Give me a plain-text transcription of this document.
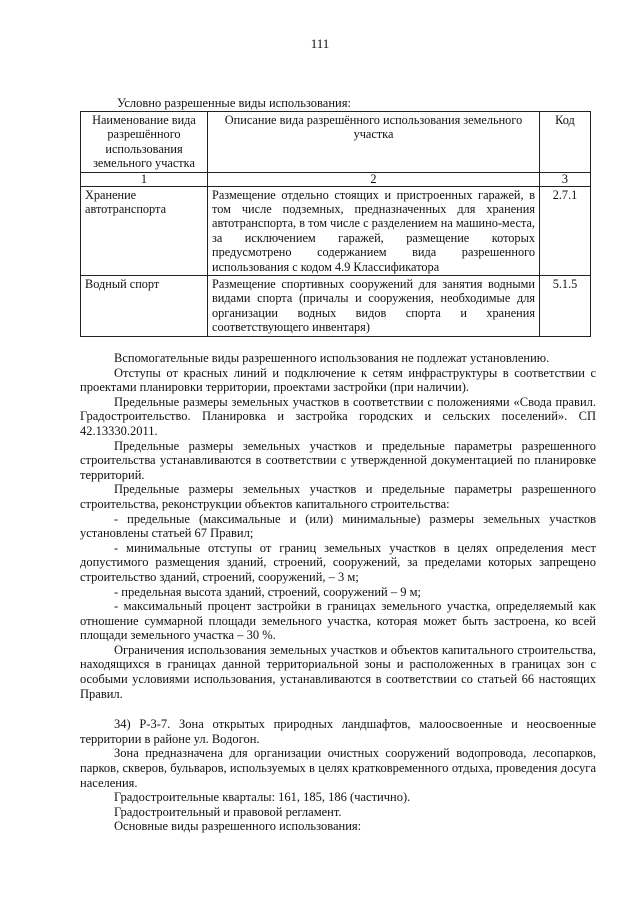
111
Условно разрешенные виды использования:
Наименование вида разрешённого использования земельного участка	Описание вида разрешённого использования земельного участка	Код
1	2	3
Хранение автотранспорта	Размещение отдельно стоящих и пристроенных гаражей, в том числе подземных, предназначенных для хранения автотранспорта, в том числе с разделением на машино-места, за исключением гаражей, размещение которых предусмотрено содержанием вида разрешенного использования с кодом 4.9 Классификатора	2.7.1
Водный спорт	Размещение спортивных сооружений для занятия водными видами спорта (причалы и сооружения, необходимые для организации водных видов спорта и хранения соответствующего инвентаря)	5.1.5

Вспомогательные виды разрешенного использования не подлежат установлению.

Отступы от красных линий и подключение к сетям инфраструктуры в соответствии с проектами планировки территории, проектами застройки (при наличии).

Предельные размеры земельных участков в соответствии с положениями «Свода правил. Градостроительство. Планировка и застройка городских и сельских поселений». СП 42.13330.2011.

Предельные размеры земельных участков и предельные параметры разрешенного строительства устанавливаются в соответствии с утвержденной документацией по планировке территорий.

Предельные размеры земельных участков и предельные параметры разрешенного строительства, реконструкции объектов капитального строительства:

- предельные (максимальные и (или) минимальные) размеры земельных участков установлены статьей 67 Правил;

- минимальные отступы от границ земельных участков в целях определения мест допустимого размещения зданий, строений, сооружений, за пределами которых запрещено строительство зданий, строений, сооружений, – 3 м;

- предельная высота зданий, строений, сооружений – 9 м;

- максимальный процент застройки в границах земельного участка, определяемый как отношение суммарной площади земельного участка, которая может быть застроена, ко всей площади земельного участка – 30 %.

Ограничения использования земельных участков и объектов капитального строительства, находящихся в границах данной территориальной зоны и расположенных в границах зон с особыми условиями использования, устанавливаются в соответствии со статьей 66 настоящих Правил.

34) Р-3-7. Зона открытых природных ландшафтов, малоосвоенные и неосвоенные территории в районе ул. Водогон.

Зона предназначена для организации очистных сооружений водопровода, лесопарков, парков, скверов, бульваров, используемых в целях кратковременного отдыха, проведения досуга населения.

Градостроительные кварталы: 161, 185, 186 (частично).

Градостроительный и правовой регламент.

Основные виды разрешенного использования:
